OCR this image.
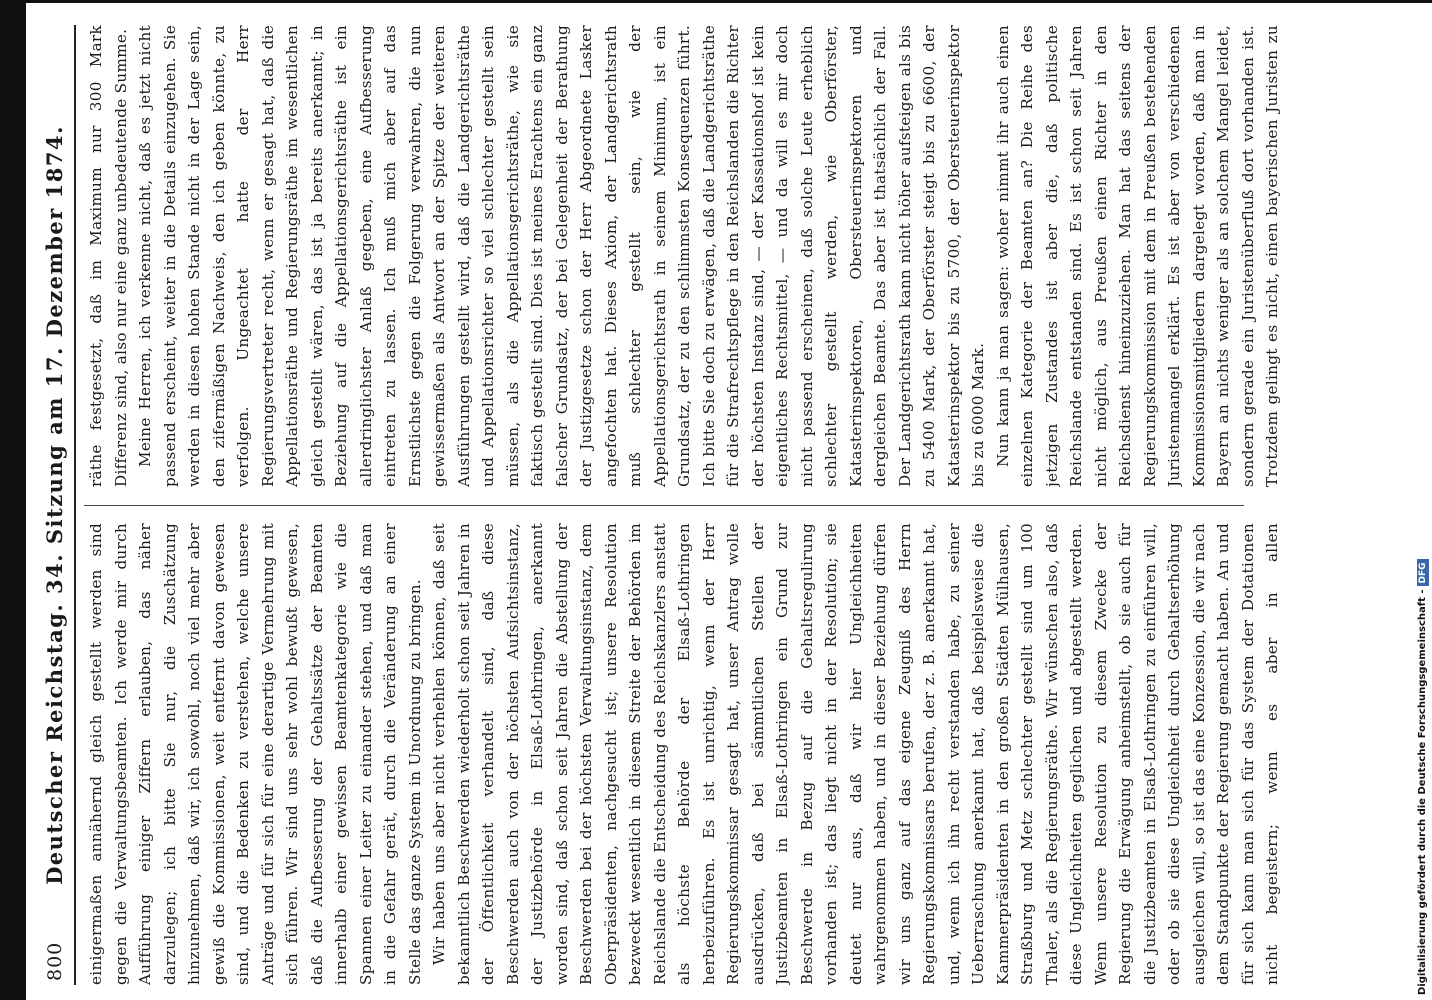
800
Deutscher Reichstag. 34. Sitzung am 17. Dezember 1874. einigermaßen annähernd gleich gestellt werden sind gegen die Verwaltungsbeamten. Ich werde mir durch Aufführung einiger Ziffern erlauben, das näher darzulegen; ich bitte Sie nur, die Zuschätzung hinzunehmen, daß wir, ich sowohl, noch viel mehr aber gewiß die Kommissionen, weit entfernt davon gewesen sind, und die Bedenken zu verstehen, welche unsere Anträge und für sich für eine derartige Vermehrung mit sich führen. Wir sind uns sehr wohl bewußt gewesen, daß die Aufbesserung der Gehaltssätze der Beamten innerhalb einer gewissen Beamtenkategorie wie die Spannen einer Leiter zu einander stehen, und daß man in die Gefahr gerät, durch die Veränderung an einer Stelle das ganze System in Unordnung zu bringen. Wir haben uns aber nicht verhehlen können, daß seit bekanntlich Beschwerden wiederholt schon seit Jahren in der Öffentlichkeit verhandelt sind, daß diese Beschwerden auch von der höchsten Aufsichtsinstanz, der Justizbehörde in Elsaß-Lothringen, anerkannt worden sind, daß schon seit Jahren die Abstellung der Beschwerden bei der höchsten Verwaltungsinstanz, dem Oberpräsidenten, nachgesucht ist; unsere Resolution bezweckt wesentlich in diesem Streite der Behörden im Reichslande die Entscheidung des Reichskanzlers anstatt als höchste Behörde der Elsaß-Lothringen herbeizuführen. Es ist unrichtig, wenn der Herr Regierungskommissar gesagt hat, unser Antrag wolle ausdrücken, daß bei sämmtlichen Stellen der Justizbeamten in Elsaß-Lothringen ein Grund zur Beschwerde in Bezug auf die Gehaltsregulirung vorhanden ist; das liegt nicht in der Resolution; sie deutet nur aus, daß wir hier Ungleichheiten wahrgenommen haben, und in dieser Beziehung dürfen wir uns ganz auf das eigene Zeugniß des Herrn Regierungskommissars berufen, der z. B. anerkannt hat, und, wenn ich ihn recht verstanden habe, zu seiner Ueberraschung anerkannt hat, daß beispielsweise die Kammerpräsidenten in den großen Städten Mülhausen, Straßburg und Metz schlechter gestellt sind um 100 Thaler, als die Regierungsräthe. Wir wünschen also, daß diese Ungleichheiten geglichen und abgestellt werden. Wenn unsere Resolution zu diesem Zwecke der Regierung die Erwägung anheimstellt, ob sie auch für die Justizbeamten in Elsaß-Lothringen zu einführen will, oder ob sie diese Ungleichheit durch Gehaltserhöhung ausgleichen will, so ist das eine Konzession, die wir nach dem Standpunkte der Regierung gemacht haben. An und für sich kann man sich für das System der Dotationen nicht begeistern; wenn es aber in allen

räthe festgesetzt, daß im Maximum nur 300 Mark Differenz sind, also nur eine ganz unbedeutende Summe. Meine Herren, ich verkenne nicht, daß es jetzt nicht passend erscheint, weiter in die Details einzugehen. Sie werden in diesen hohen Stande nicht in der Lage sein, den zifermäßigen Nachweis, den ich geben könnte, zu verfolgen. Ungeachtet hatte der Herr Regierungsvertreter recht, wenn er gesagt hat, daß die Appellationsräthe und Regierungsräthe im wesentlichen gleich gestellt wären, das ist ja bereits anerkannt; in Beziehung auf die Appellationsgerichtsräthe ist ein allerdringlichster Anlaß gegeben, eine Aufbesserung eintreten zu lassen. Ich muß mich aber auf das Ernstlichste gegen die Folgerung verwahren, die nun gewissermaßen als Antwort an der Spitze der weiteren Ausführungen gestellt wird, daß die Landgerichtsräthe und Appellationsrichter so viel schlechter gestellt sein müssen, als die Appellationsgerichtsräthe, wie sie faktisch gestellt sind. Dies ist meines Erachtens ein ganz falscher Grundsatz, der bei Gelegenheit der Berathung der Justizgesetze schon der Herr Abgeordnete Lasker angefochten hat. Dieses Axiom, der Landgerichtsrath muß schlechter gestellt sein, wie der Appellationsgerichtsrath in seinem Minimum, ist ein Grundsatz, der zu den schlimmsten Konsequenzen führt. Ich bitte Sie doch zu erwägen, daß die Landgerichtsräthe für die Strafrechtspflege in den Reichslanden die Richter der höchsten Instanz sind, — der Kassationshof ist kein eigentliches Rechtsmittel, — und da will es mir doch nicht passend erscheinen, daß solche Leute erheblich schlechter gestellt werden, wie Oberförster, Katasterinspektoren, Obersteuerinspektoren und dergleichen Beamte. Das aber ist thatsächlich der Fall. Der Landgerichtsrath kann nicht höher aufsteigen als bis zu 5400 Mark, der Oberförster steigt bis zu 6600, der Katasterinspektor bis zu 5700, der Obersteuerinspektor bis zu 6000 Mark. Nun kann ja man sagen: woher nimmt ihr auch einen einzelnen Kategorie der Beamten an? Die Reihe des jetzigen Zustandes ist aber die, daß politische Reichslande entstanden sind. Es ist schon seit Jahren nicht möglich, aus Preußen einen Richter in den Reichsdienst hineinzuziehen. Man hat das seitens der Regierungskommission mit dem in Preußen bestehenden Juristenmangel erklärt. Es ist aber von verschiedenen Kommissionsmitgliedern dargelegt worden, daß man in Bayern an nichts weniger als an solchem Mangel leidet, sondern gerade ein Juristenüberfluß dort vorhanden ist. Trotzdem gelingt es nicht, einen bayerischen Juristen zu

Digitalisierung gefördert durch die Deutsche Forschungsgemeinschaft -DFG
